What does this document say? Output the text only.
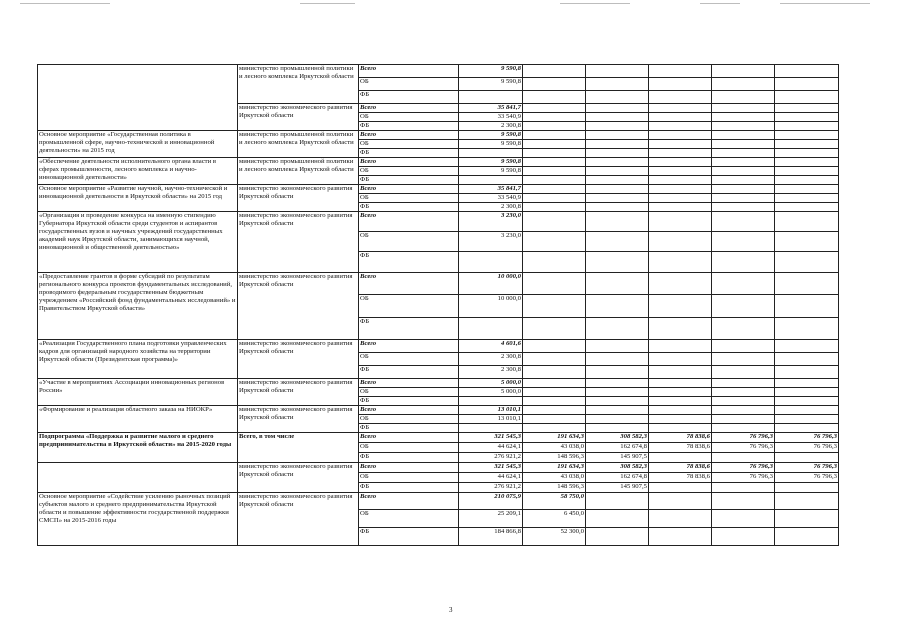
	министерство промышленной политики и лесного комплекса Иркутской области	Всего	9 590,8					
		ОБ	9 590,8					
		ФБ						
	министерство экономического развития Иркутской области	Всего	35 841,7					
		ОБ	33 540,9					
		ФБ	2 300,8					
Основное мероприятие «Государственная политика в промышленной сфере, научно-технической и инновационной деятельности» на 2015 год	министерство промышленной политики и лесного комплекса Иркутской области	Всего	9 590,8					
		ОБ	9 590,8					
		ФБ						
«Обеспечение деятельности исполнительного органа власти в сферах промышленности, лесного комплекса и научно-инновационной деятельности»	министерство промышленной политики и лесного комплекса Иркутской области	Всего	9 590,8					
		ОБ	9 590,8					
		ФБ						
Основное мероприятие «Развитие научной, научно-технической и инновационной деятельности в Иркутской области» на 2015 год	министерство экономического развития Иркутской области	Всего	35 841,7					
		ОБ	33 540,9					
		ФБ	2 300,8					
«Организация и проведение конкурса на именную стипендию Губернатора Иркутской области среди студентов и аспирантов государственных вузов и научных учреждений государственных академий наук Иркутской области, занимающихся научной, инновационной и общественной деятельностью»	министерство экономического развития Иркутской области	Всего	3 230,0					
		ОБ	3 230,0					
		ФБ						
«Предоставление грантов в форме субсидий по результатам регионального конкурса проектов фундаментальных исследований, проводимого федеральным государственным бюджетным учреждением «Российский фонд фундаментальных исследований» и Правительством Иркутской области»	министерство экономического развития Иркутской области	Всего	10 000,0					
		ОБ	10 000,0					
		ФБ						
«Реализация Государственного плана подготовки управленческих кадров для организаций народного хозяйства на территории Иркутской области (Президентская программа)»	министерство экономического развития Иркутской области	Всего	4 601,6					
		ОБ	2 300,8					
		ФБ	2 300,8					
«Участие в мероприятиях Ассоциации инновационных регионов России»	министерство экономического развития Иркутской области	Всего	5 000,0					
		ОБ	5 000,0					
		ФБ						
«Формирование и реализация областного заказа на НИОКР»	министерство экономического развития Иркутской области	Всего	13 010,1					
		ОБ	13 010,1					
		ФБ						
Подпрограмма «Поддержка и развитие малого и среднего предпринимательства в Иркутской области» на 2015-2020 годы	Всего, в том числе	Всего	321 545,3	191 634,3	308 582,3	78 838,6	76 796,3	76 796,3
		ОБ	44 624,1	43 038,0	162 674,8	78 838,6	76 796,3	76 796,3
		ФБ	276 921,2	148 596,3	145 907,5			
	министерство экономического развития Иркутской области	Всего	321 545,3	191 634,3	308 582,3	78 838,6	76 796,3	76 796,3
		ОБ	44 624,1	43 038,0	162 674,8	78 838,6	76 796,3	76 796,3
		ФБ	276 921,2	148 596,3	145 907,5			
Основное мероприятие «Содействие усилению рыночных позиций субъектов малого и среднего предпринимательства Иркутской области и повышение эффективности государственной поддержки СМСП» на 2015-2016 годы	министерство экономического развития Иркутской области	Всего	210 075,9	58 750,0				
		ОБ	25 209,1	6 450,0				
		ФБ	184 866,8	52 300,0				
3
